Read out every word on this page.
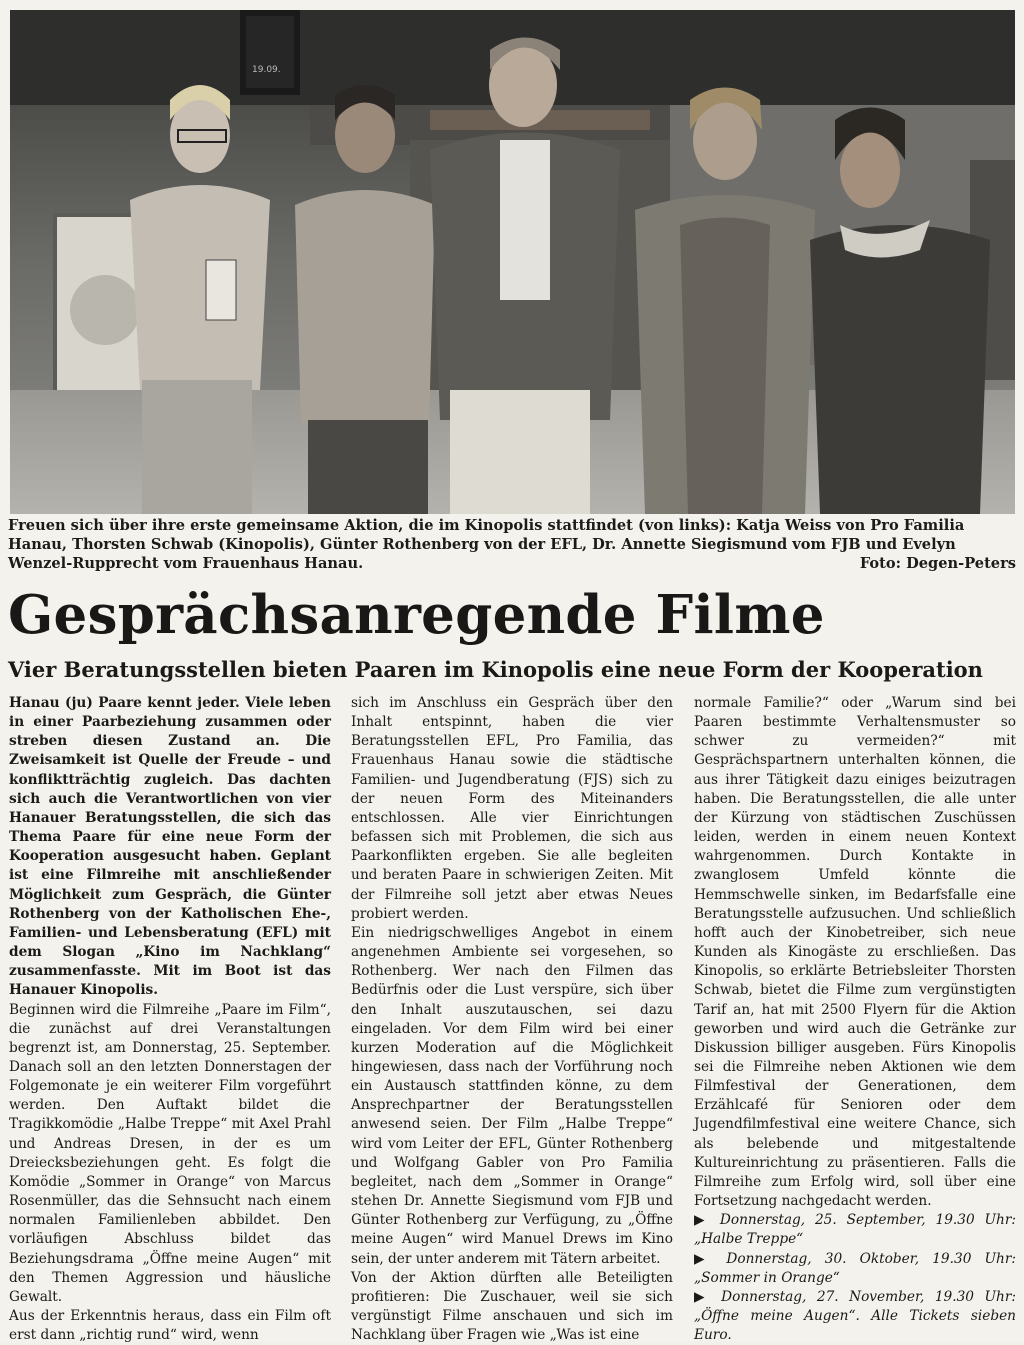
19.09.
Freuen sich über ihre erste gemeinsame Aktion, die im Kinopolis stattfindet (von links): Katja Weiss von Pro Familia Hanau, Thorsten Schwab (Kinopolis), Günter Rothenberg von der EFL, Dr. Annette Siegismund vom FJB und Evelyn Wenzel-Rupprecht vom Frauenhaus Hanau.	Foto: Degen-Peters
Gesprächsanregende Filme
Vier Beratungsstellen bieten Paaren im Kinopolis eine neue Form der Kooperation

Hanau (ju) Paare kennt jeder. Viele leben in einer Paarbeziehung zusammen oder streben diesen Zustand an. Die Zweisamkeit ist Quelle der Freude – und konfliktträchtig zugleich. Das dachten sich auch die Verantwortlichen von vier Hanauer Beratungsstellen, die sich das Thema Paare für eine neue Form der Kooperation ausgesucht haben. Geplant ist eine Filmreihe mit anschließender Möglichkeit zum Gespräch, die Günter Rothenberg von der Katholischen Ehe-, Familien- und Lebensberatung (EFL) mit dem Slogan „Kino im Nachklang“ zusammenfasste. Mit im Boot ist das Hanauer Kinopolis.

Beginnen wird die Filmreihe „Paare im Film“, die zunächst auf drei Veranstaltungen begrenzt ist, am Donnerstag, 25. September. Danach soll an den letzten Donnerstagen der Folgemonate je ein weiterer Film vorgeführt werden. Den Auftakt bildet die Tragikkomödie „Halbe Treppe“ mit Axel Prahl und Andreas Dresen, in der es um Dreiecksbeziehungen geht. Es folgt die Komödie „Sommer in Orange“ von Marcus Rosenmüller, das die Sehnsucht nach einem normalen Familienleben abbildet. Den vorläufigen Abschluss bildet das Beziehungsdrama „Öffne meine Augen“ mit den Themen Aggression und häusliche Gewalt.

Aus der Erkenntnis heraus, dass ein Film oft erst dann „richtig rund“ wird, wenn

sich im Anschluss ein Gespräch über den Inhalt entspinnt, haben die vier Beratungsstellen EFL, Pro Familia, das Frauenhaus Hanau sowie die städtische Familien- und Jugendberatung (FJS) sich zu der neuen Form des Miteinanders entschlossen. Alle vier Einrichtungen befassen sich mit Problemen, die sich aus Paarkonflikten ergeben. Sie alle begleiten und beraten Paare in schwierigen Zeiten. Mit der Filmreihe soll jetzt aber etwas Neues probiert werden.

Ein niedrigschwelliges Angebot in einem angenehmen Ambiente sei vorgesehen, so Rothenberg. Wer nach den Filmen das Bedürfnis oder die Lust verspüre, sich über den Inhalt auszutauschen, sei dazu eingeladen. Vor dem Film wird bei einer kurzen Moderation auf die Möglichkeit hingewiesen, dass nach der Vorführung noch ein Austausch stattfinden könne, zu dem Ansprechpartner der Beratungsstellen anwesend seien. Der Film „Halbe Treppe“ wird vom Leiter der EFL, Günter Rothenberg und Wolfgang Gabler von Pro Familia begleitet, nach dem „Sommer in Orange“ stehen Dr. Annette Siegismund vom FJB und Günter Rothenberg zur Verfügung, zu „Öffne meine Augen“ wird Manuel Drews im Kino sein, der unter anderem mit Tätern arbeitet.

Von der Aktion dürften alle Beteiligten profitieren: Die Zuschauer, weil sie sich vergünstigt Filme anschauen und sich im Nachklang über Fragen wie „Was ist eine

normale Familie?“ oder „Warum sind bei Paaren bestimmte Verhaltensmuster so schwer zu vermeiden?“ mit Gesprächspartnern unterhalten können, die aus ihrer Tätigkeit dazu einiges beizutragen haben. Die Beratungsstellen, die alle unter der Kürzung von städtischen Zuschüssen leiden, werden in einem neuen Kontext wahrgenommen. Durch Kontakte in zwanglosem Umfeld könnte die Hemmschwelle sinken, im Bedarfsfalle eine Beratungsstelle aufzusuchen. Und schließlich hofft auch der Kinobetreiber, sich neue Kunden als Kinogäste zu erschließen. Das Kinopolis, so erklärte Betriebsleiter Thorsten Schwab, bietet die Filme zum vergünstigten Tarif an, hat mit 2500 Flyern für die Aktion geworben und wird auch die Getränke zur Diskussion billiger ausgeben. Fürs Kinopolis sei die Filmreihe neben Aktionen wie dem Filmfestival der Generationen, dem Erzählcafé für Senioren oder dem Jugendfilmfestival eine weitere Chance, sich als belebende und mitgestaltende Kultureinrichtung zu präsentieren. Falls die Filmreihe zum Erfolg wird, soll über eine Fortsetzung nachgedacht werden.

▶ Donnerstag, 25. September, 19.30 Uhr: „Halbe Treppe“

▶ Donnerstag, 30. Oktober, 19.30 Uhr: „Sommer in Orange“

▶ Donnerstag, 27. November, 19.30 Uhr: „Öffne meine Augen“. Alle Tickets sieben Euro.
